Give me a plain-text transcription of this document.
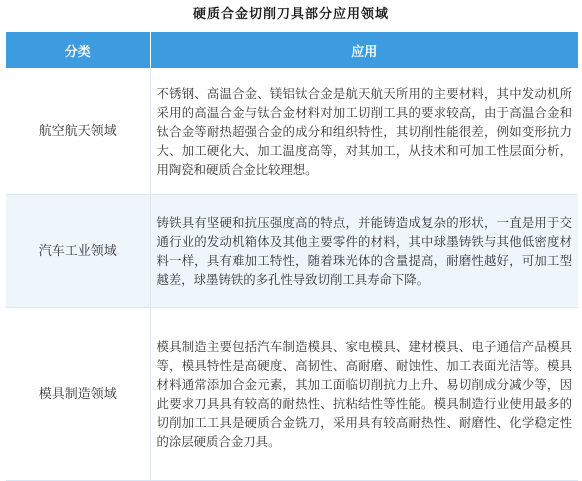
硬质合金切削刀具部分应用领域
分类	应用
航空航天领域	不锈钢、高温合金、镁铝钛合金是航天航天所用的主要材料，其中发动机所采用的高温合金与钛合金材料对加工切削工具的要求较高，由于高温合金和钛合金等耐热超强合金的成分和组织特性，其切削性能很差，例如变形抗力大、加工硬化大、加工温度高等，对其加工，从技术和可加工性层面分析，用陶瓷和硬质合金比较理想。
汽车工业领域	铸铁具有坚硬和抗压强度高的特点，并能铸造成复杂的形状，一直是用于交通行业的发动机箱体及其他主要零件的材料，其中球墨铸铁与其他低密度材料一样，具有难加工特性，随着珠光体的含量提高，耐磨性越好，可加工型越差，球墨铸铁的多孔性导致切削工具寿命下降。
模具制造领域	模具制造主要包括汽车制造模具、家电模具、建材模具、电子通信产品模具等，模具特性是高硬度、高韧性、高耐磨、耐蚀性、加工表面光洁等。模具材料通常添加合金元素，其加工面临切削抗力上升、易切削成分减少等，因此要求刀具具有较高的耐热性、抗粘结性等性能。模具制造行业使用最多的切削加工工具是硬质合金铣刀，采用具有较高耐热性、耐磨性、化学稳定性的涂层硬质合金刀具。
